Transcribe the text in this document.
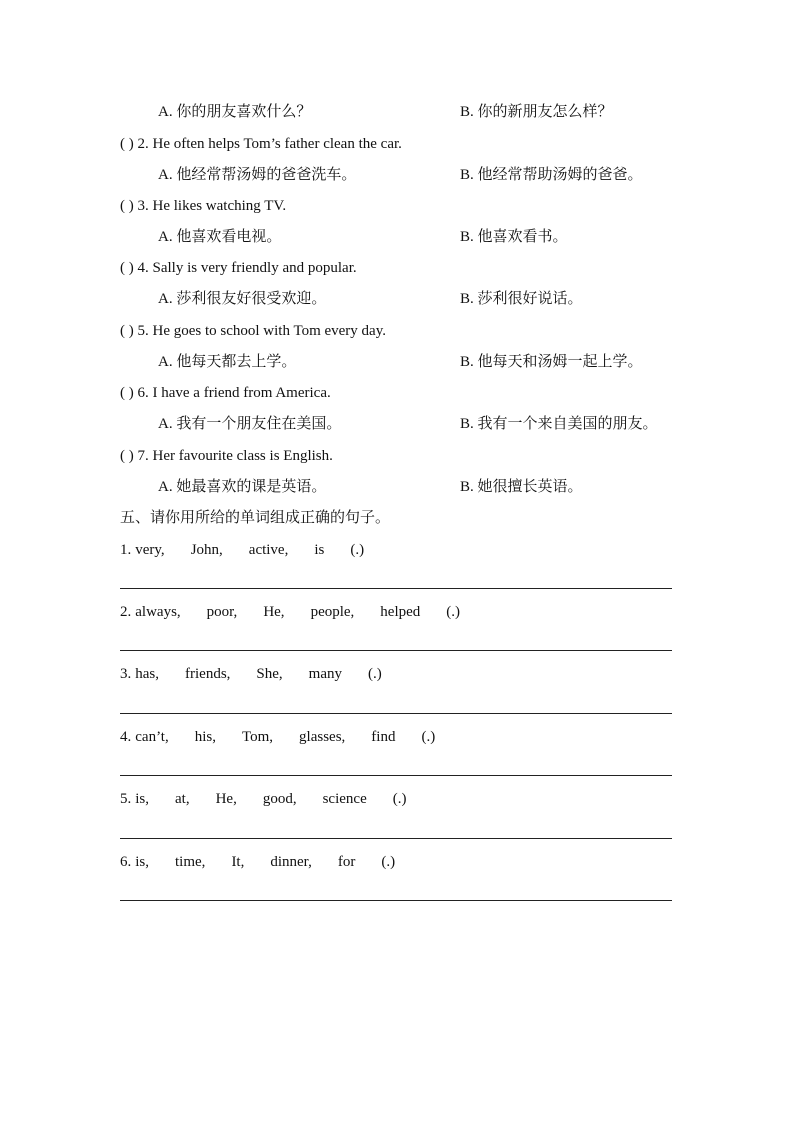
A. 你的朋友喜欢什么？	B. 你的新朋友怎么样？
( ) 2. He often helps Tom’s father clean the car.
A. 他经常帮汤姆的爸爸洗车。	B. 他经常帮助汤姆的爸爸。
( ) 3. He likes watching TV.
A. 他喜欢看电视。	B. 他喜欢看书。
( ) 4. Sally is very friendly and popular.
A. 莎利很友好很受欢迎。	B. 莎利很好说话。
( ) 5. He goes to school with Tom every day.
A. 他每天都去上学。	B. 他每天和汤姆一起上学。
( ) 6. I have a friend from America.
A. 我有一个朋友住在美国。	B. 我有一个来自美国的朋友。
( ) 7. Her favourite class is English.
A. 她最喜欢的课是英语。	B. 她很擅长英语。
五、请你用所给的单词组成正确的句子。
1. very, John, active, is (.)
2. always, poor, He, people, helped (.)
3. has, friends, She, many (.)
4. can’t, his, Tom, glasses, find (.)
5. is, at, He, good, science (.)
6. is, time, It, dinner, for (.)
